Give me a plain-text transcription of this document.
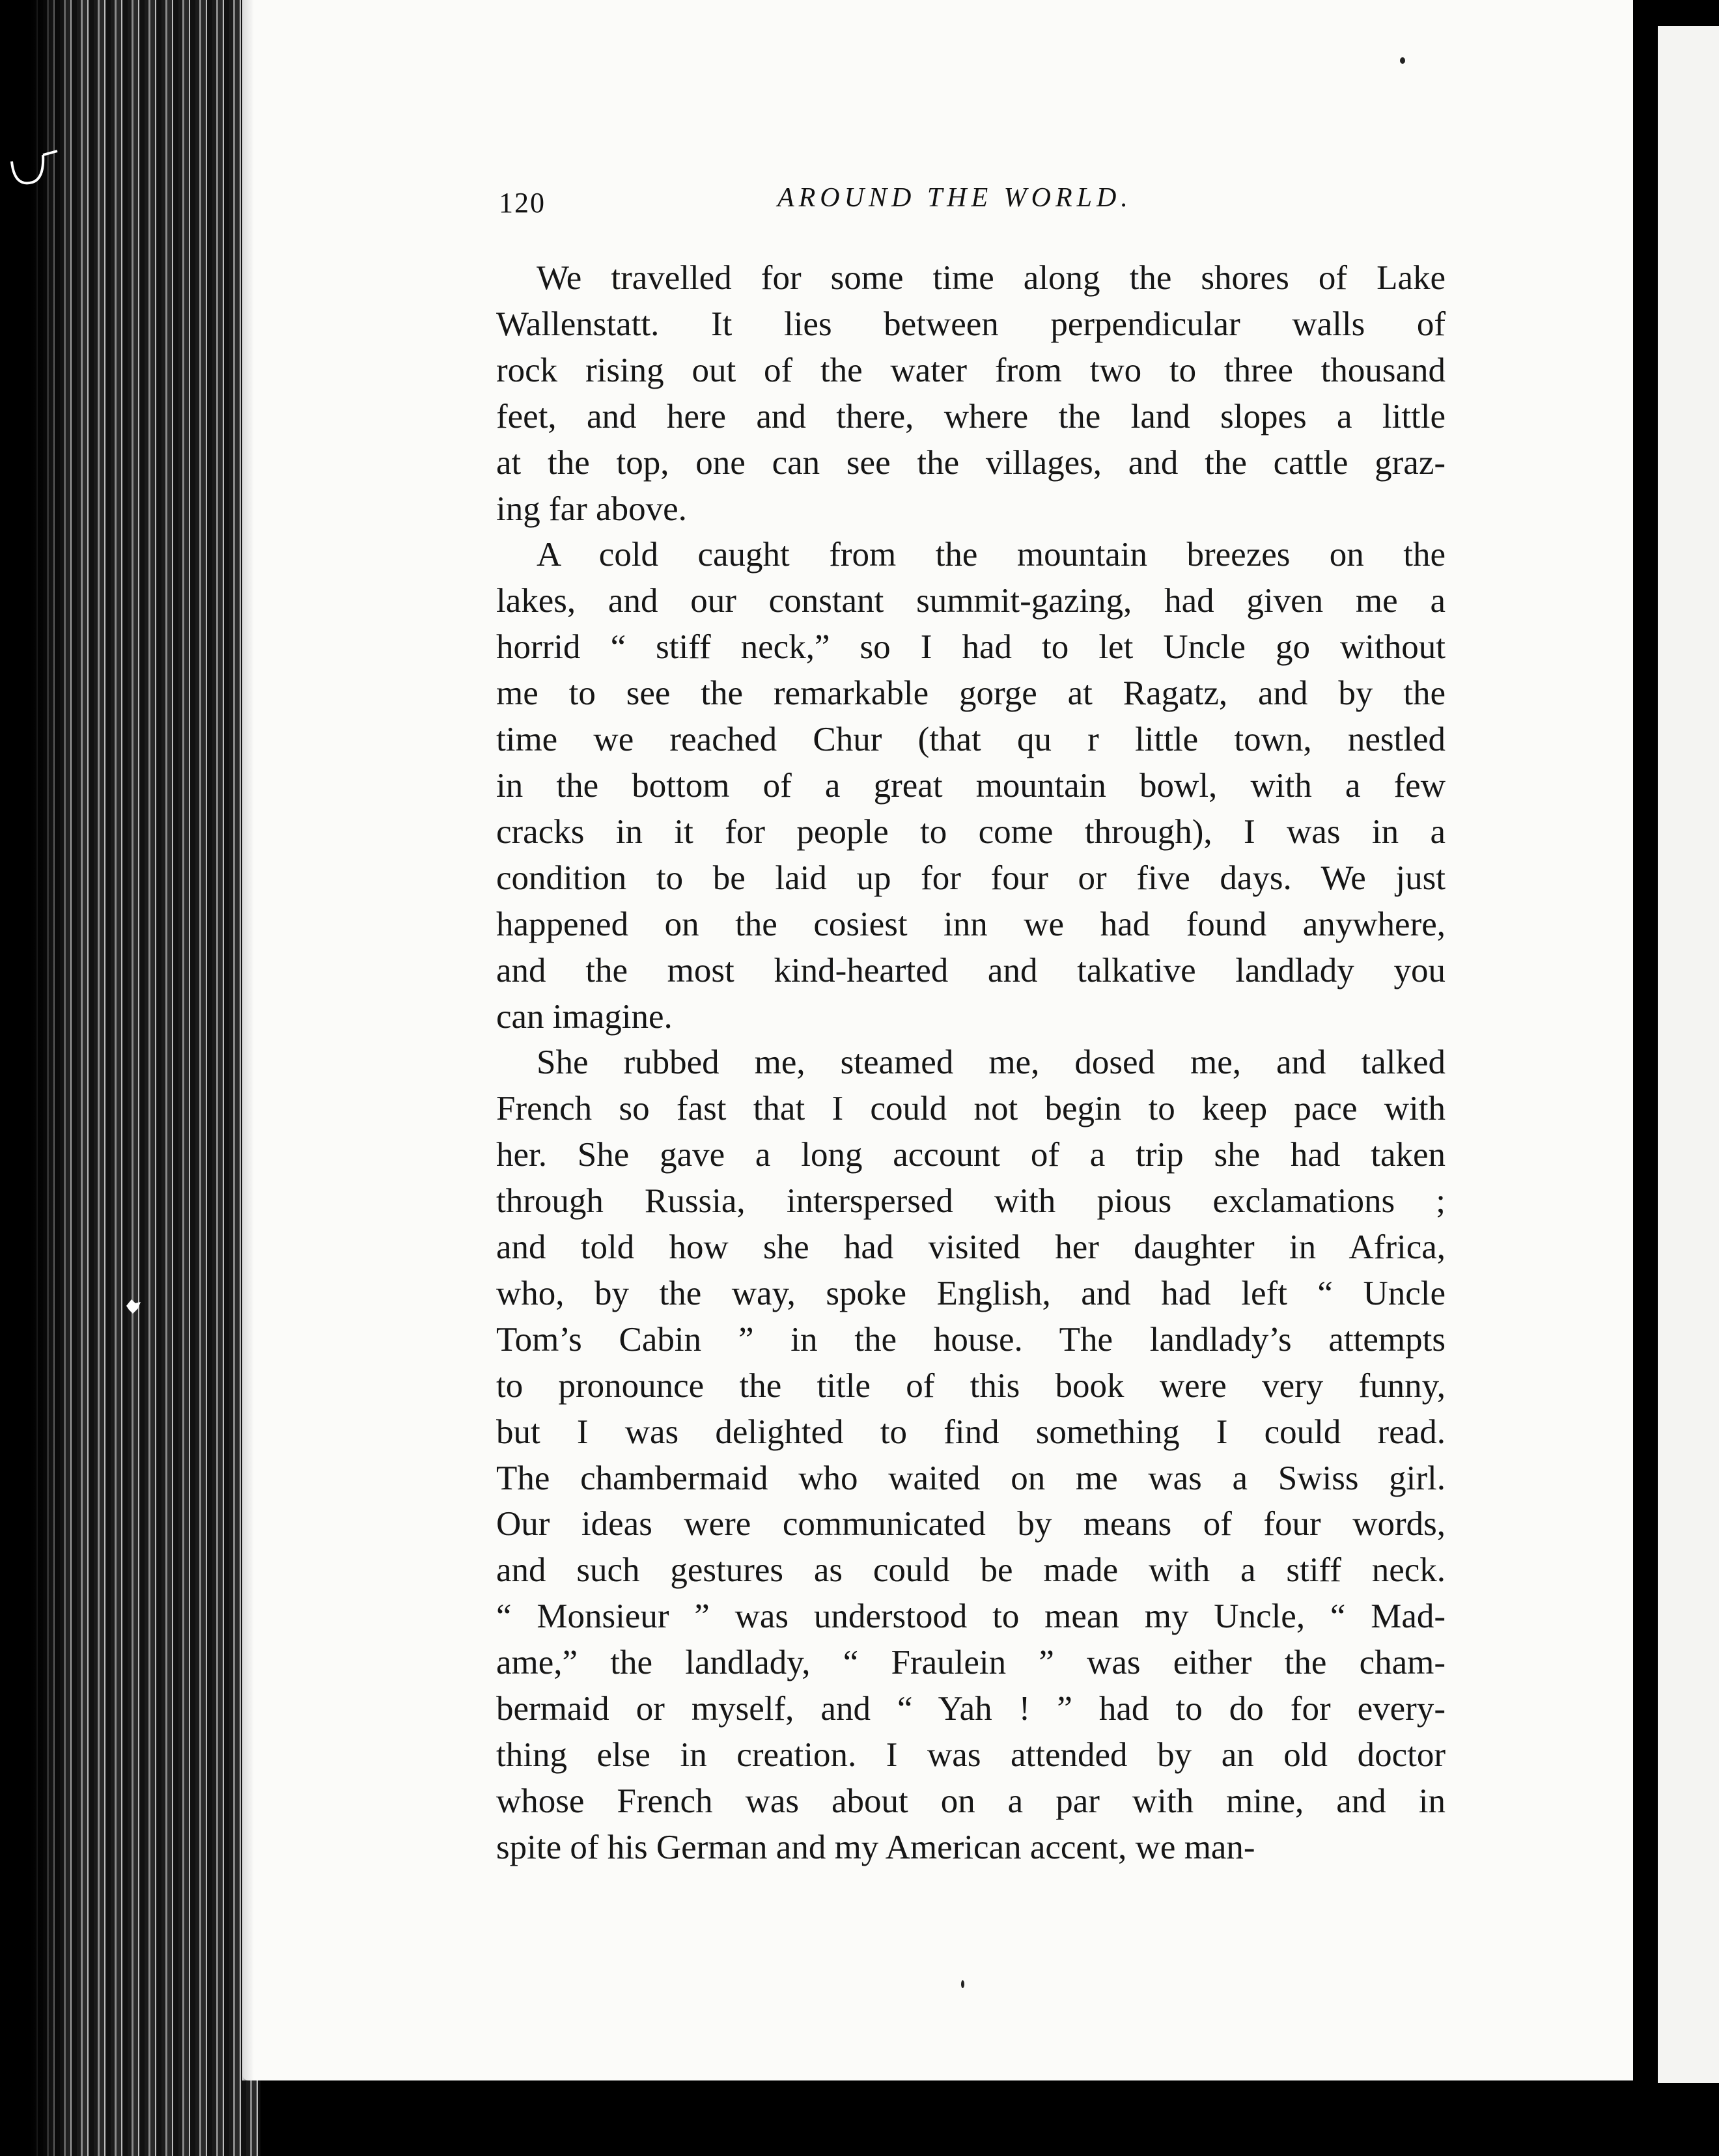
120	AROUND THE WORLD.
We travelled for some time along the shores of Lake
Wallenstatt. It lies between perpendicular walls of
rock rising out of the water from two to three thousand
feet, and here and there, where the land slopes a little
at the top, one can see the villages, and the cattle graz-
ing far above.
A cold caught from the mountain breezes on the
lakes, and our constant summit-gazing, had given me a
horrid “ stiff neck,” so I had to let Uncle go without
me to see the remarkable gorge at Ragatz, and by the
time we reached Chur (that qu r little town, nestled
in the bottom of a great mountain bowl, with a few
cracks in it for people to come through), I was in a
condition to be laid up for four or five days. We just
happened on the cosiest inn we had found anywhere,
and the most kind-hearted and talkative landlady you
can imagine.
She rubbed me, steamed me, dosed me, and talked
French so fast that I could not begin to keep pace with
her. She gave a long account of a trip she had taken
through Russia, interspersed with pious exclamations ;
and told how she had visited her daughter in Africa,
who, by the way, spoke English, and had left “ Uncle
Tom’s Cabin ” in the house. The landlady’s attempts
to pronounce the title of this book were very funny,
but I was delighted to find something I could read.
The chambermaid who waited on me was a Swiss girl.
Our ideas were communicated by means of four words,
and such gestures as could be made with a stiff neck.
“ Monsieur ” was understood to mean my Uncle, “ Mad-
ame,” the landlady, “ Fraulein ” was either the cham-
bermaid or myself, and “ Yah ! ” had to do for every-
thing else in creation. I was attended by an old doctor
whose French was about on a par with mine, and in
spite of his German and my American accent, we man-
